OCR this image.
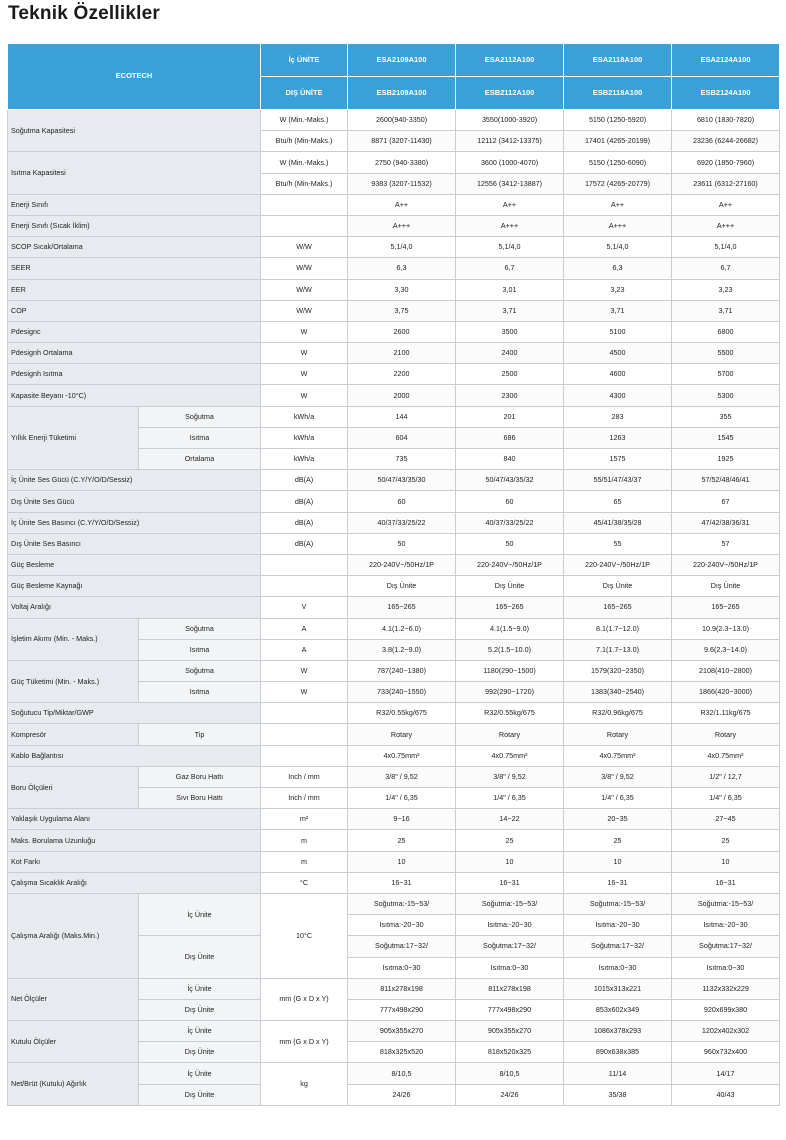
Teknik Özellikler
ECOTECH		İç ÜNİTE	ESA2109A100	ESA2112A100	ESA2118A100	ESA2124A100
		DIŞ ÜNİTE	ESB2109A100	ESB2112A100	ESB2118A100	ESB2124A100
Soğutma Kapasitesi		W (Min.-Maks.)	2600(940-3350)	3550(1000-3920)	5150 (1250-5920)	6810 (1830-7820)
		Btu/h (Min-Maks.)	8871 (3207-11430)	12112 (3412-13375)	17401 (4265-20199)	23236 (6244-26682)
Isıtma Kapasitesi		W (Min.-Maks.)	2750 (940-3380)	3600 (1000-4070)	5150 (1250-6090)	6920 (1850-7960)
		Btu/h (Min-Maks.)	9383 (3207-11532)	12556 (3412-13887)	17572 (4265-20779)	23611 (6312-27160)
Enerji Sınıfı			A++	A++	A++	A++
Enerji Sınıfı (Sıcak İklim)			A+++	A+++	A+++	A+++
SCOP Sıcak/Ortalama		W/W	5,1/4,0	5,1/4,0	5,1/4,0	5,1/4,0
SEER		W/W	6,3	6,7	6,3	6,7
EER		W/W	3,30	3,01	3,23	3,23
COP		W/W	3,75	3,71	3,71	3,71
Pdesignc		W	2600	3500	5100	6800
Pdesignh Ortalama		W	2100	2400	4500	5500
Pdesignh Isıtma		W	2200	2500	4600	5700
Kapasite Beyanı -10°C)		W	2000	2300	4300	5300
Yıllık Enerji Tüketimi	Soğutma	kWh/a	144	201	283	355
	Isıtma	kWh/a	604	686	1263	1545
	Ortalama	kWh/a	735	840	1575	1925
İç Ünite Ses Gücü (C.Y/Y/O/D/Sessiz)		dB(A)	50/47/43/35/30	50/47/43/35/32	55/51/47/43/37	57/52/48/46/41
Dış Ünite Ses Gücü		dB(A)	60	60	65	67
İç Ünite Ses Basıncı (C.Y/Y/O/D/Sessiz)		dB(A)	40/37/33/25/22	40/37/33/25/22	45/41/38/35/28	47/42/38/36/31
Dış Ünite Ses Basıncı		dB(A)	50	50	55	57
Güç Besleme			220-240V~/50Hz/1P	220-240V~/50Hz/1P	220-240V~/50Hz/1P	220-240V~/50Hz/1P
Güç Besleme Kaynağı			Dış Ünite	Dış Ünite	Dış Ünite	Dış Ünite
Voltaj Aralığı		V	165~265	165~265	165~265	165~265
İşletim Akımı (Min. - Maks.)	Soğutma	A	4.1(1.2~6.0)	4.1(1.5~9.0)	8.1(1.7~12.0)	10.9(2.3~13.0)
	Isıtma	A	3.8(1.2~9.0)	5.2(1.5~10.0)	7.1(1.7~13.0)	9.6(2.3~14.0)
Güç Tüketimi (Min. - Maks.)	Soğutma	W	787(240~1380)	1180(290~1500)	1579(320~2350)	2108(410~2800)
	Isıtma	W	733(240~1550)	992(290~1720)	1383(340~2540)	1866(420~3000)
Soğutucu Tip/Miktar/GWP			R32/0.55kg/675	R32/0.55kg/675	R32/0.96kg/675	R32/1.11kg/675
Kompresör	Tip		Rotary	Rotary	Rotary	Rotary
Kablo Bağlantısı			4x0.75mm²	4x0.75mm²	4x0.75mm²	4x0.75mm²
Boru Ölçüleri	Gaz Boru Hattı	Inch / mm	3/8" / 9,52	3/8" / 9,52	3/8" / 9,52	1/2" / 12,7
	Sıvı Boru Hattı	Inch / mm	1/4" / 6,35	1/4" / 6,35	1/4" / 6,35	1/4" / 6,35
Yaklaşık Uygulama Alanı		m²	9~16	14~22	20~35	27~45
Maks. Borulama Uzunluğu		m	25	25	25	25
Kot Farkı		m	10	10	10	10
Çalışma Sıcaklık Aralığı		°C	16~31	16~31	16~31	16~31
Çalışma Aralığı (Maks.Min.)	İç Ünite	10°C	Soğutma:-15~53/	Soğutma:-15~53/	Soğutma:-15~53/	Soğutma:-15~53/
			Isıtma:-20~30	Isıtma:-20~30	Isıtma:-20~30	Isıtma:-20~30
	Dış Ünite		Soğutma:17~32/	Soğutma:17~32/	Soğutma:17~32/	Soğutma:17~32/
			Isıtma:0~30	Isıtma:0~30	Isıtma:0~30	Isıtma:0~30
Net Ölçüler	İç Ünite	mm (G x D x Y)	811x278x198	811x278x198	1015x313x221	1132x332x229
	Dış Ünite		777x498x290	777x498x290	853x602x349	920x699x380
Kutulu Ölçüler	İç Ünite	mm (G x D x Y)	905x355x270	905x355x270	1086x378x293	1202x402x302
	Dış Ünite		818x325x520	818x520x325	890x638x385	960x732x400
Net/Brüt (Kutulu) Ağırlık	İç Ünite	kg	8/10,5	8/10,5	11/14	14/17
	Dış Ünite		24/26	24/26	35/38	40/43
